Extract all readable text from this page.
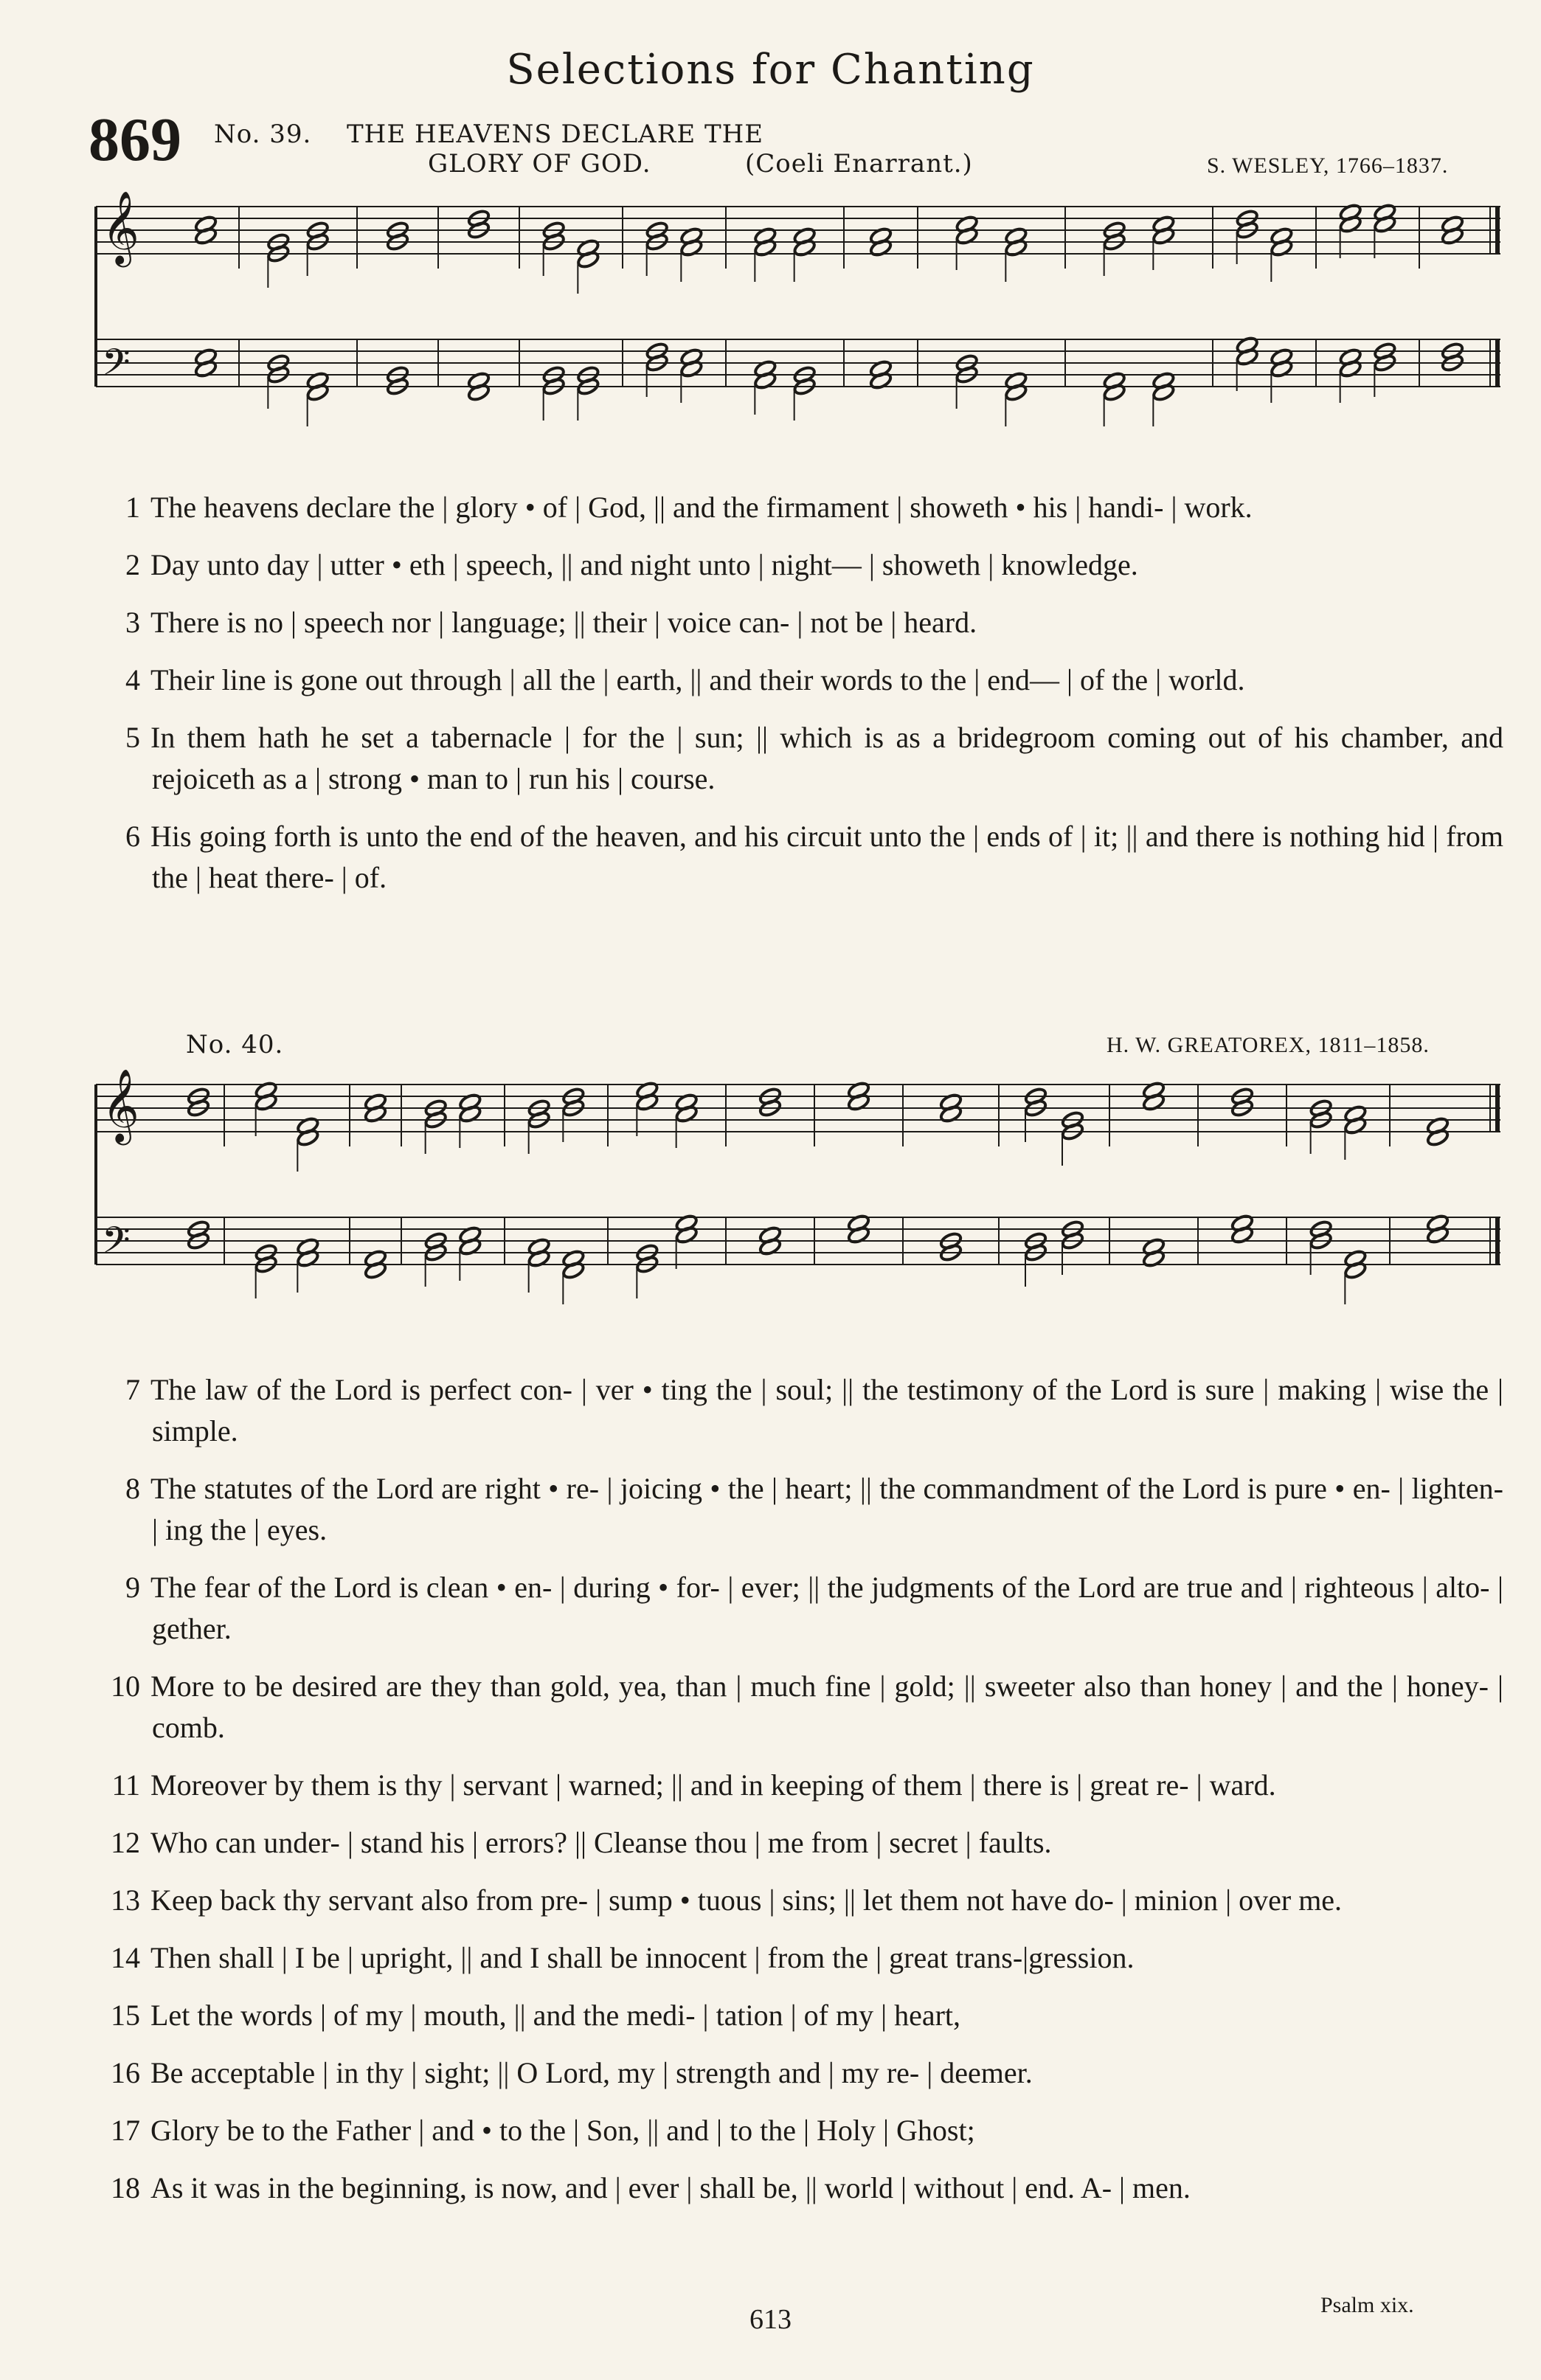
Selections for Chanting
869 No. 39. THE HEAVENS DECLARE THE
GLORY OF GOD.	(Coeli Enarrant.)	S. WESLEY, 1766–1837.
𝄞
𝄢
1 The heavens declare the | glory • of | God, || and the firmament | showeth • his | handi- | work.
2 Day unto day | utter • eth | speech, || and night unto | night— | showeth | knowledge.
3 There is no | speech nor | language; || their | voice can- | not be | heard.
4 Their line is gone out through | all the | earth, || and their words to the | end— | of the | world.
5 In them hath he set a tabernacle | for the | sun; || which is as a bridegroom coming out of his chamber, and rejoiceth as a | strong • man to | run his | course.
6 His going forth is unto the end of the heaven, and his circuit unto the | ends of | it; || and there is nothing hid | from the | heat there- | of.
No. 40.	H. W. GREATOREX, 1811–1858.
𝄞
𝄢
7 The law of the Lord is perfect con- | ver • ting the | soul; || the testimony of the Lord is sure | making | wise the | simple.
8 The statutes of the Lord are right • re- | joicing • the | heart; || the commandment of the Lord is pure • en- | lighten- | ing the | eyes.
9 The fear of the Lord is clean • en- | during • for- | ever; || the judgments of the Lord are true and | righteous | alto- | gether.
10 More to be desired are they than gold, yea, than | much fine | gold; || sweeter also than honey | and the | honey- | comb.
11 Moreover by them is thy | servant | warned; || and in keeping of them | there is | great re- | ward.
12 Who can under- | stand his | errors? || Cleanse thou | me from | secret | faults.
13 Keep back thy servant also from pre- | sump • tuous | sins; || let them not have do- | minion | over me.
14 Then shall | I be | upright, || and I shall be innocent | from the | great trans-|gression.
15 Let the words | of my | mouth, || and the medi- | tation | of my | heart,
16 Be acceptable | in thy | sight; || O Lord, my | strength and | my re- | deemer.
17 Glory be to the Father | and • to the | Son, || and | to the | Holy | Ghost;
18 As it was in the beginning, is now, and | ever | shall be, || world | without | end. A- | men.
Psalm xix.
613
